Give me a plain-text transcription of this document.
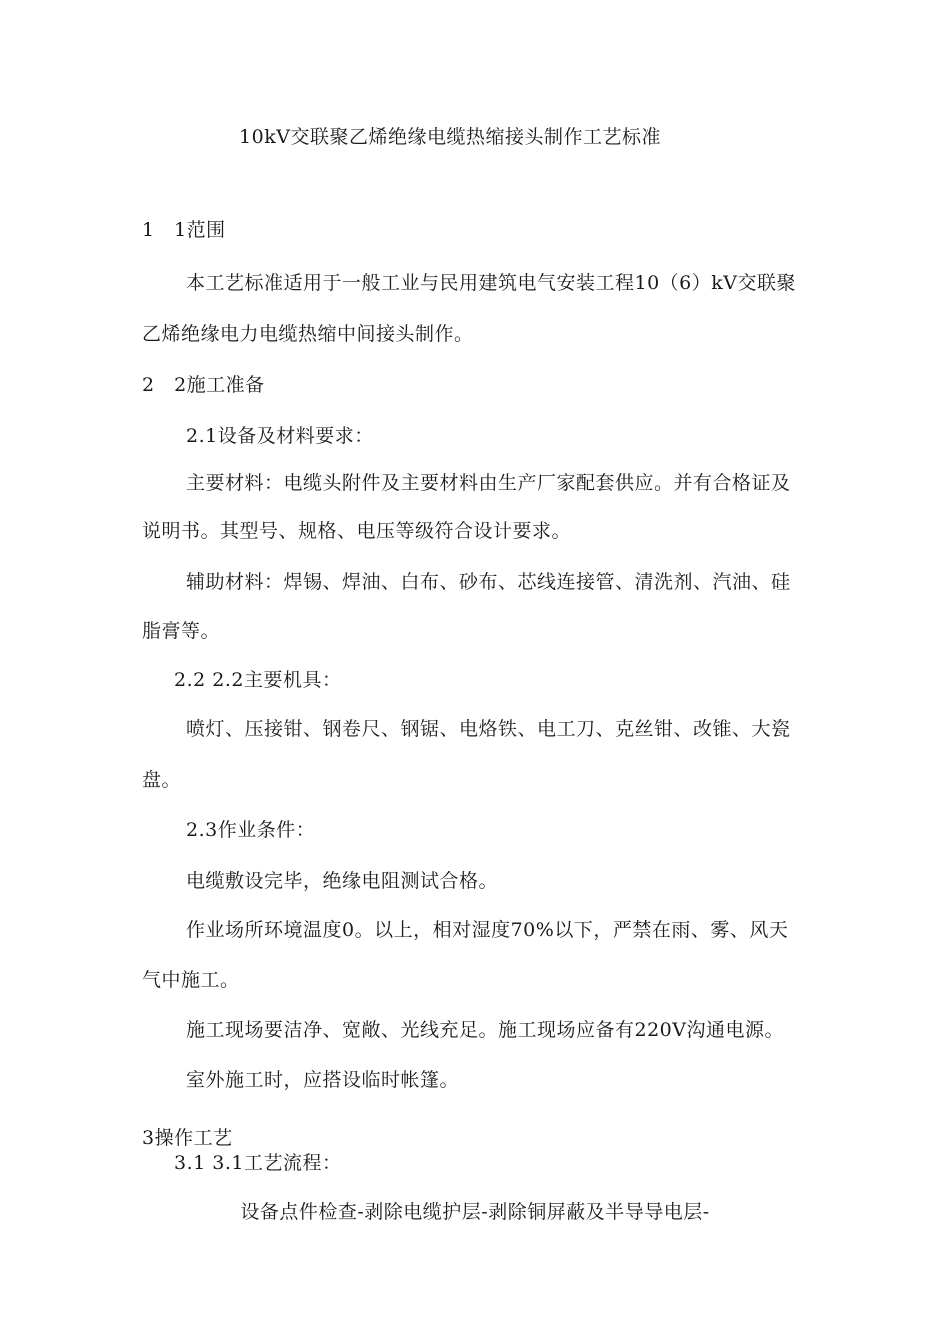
10kV交联聚乙烯绝缘电缆热缩接头制作工艺标准
1　1范围
本工艺标准适用于一般工业与民用建筑电气安装工程10（6）kV交联聚
乙烯绝缘电力电缆热缩中间接头制作。
2　2施工准备
2.1设备及材料要求：
主要材料：电缆头附件及主要材料由生产厂家配套供应。并有合格证及
说明书。其型号、规格、电压等级符合设计要求。
辅助材料：焊锡、焊油、白布、砂布、芯线连接管、清洗剂、汽油、硅
脂膏等。
2.2 2.2主要机具：
喷灯、压接钳、钢卷尺、钢锯、电烙铁、电工刀、克丝钳、改锥、大瓷
盘。
2.3作业条件：
电缆敷设完毕，绝缘电阻测试合格。
作业场所环境温度0。以上，相对湿度70%以下，严禁在雨、雾、风天
气中施工。
施工现场要洁净、宽敞、光线充足。施工现场应备有220V沟通电源。
室外施工时，应搭设临时帐篷。
3操作工艺
3.1 3.1工艺流程：
设备点件检查-剥除电缆护层-剥除铜屏蔽及半导导电层-
